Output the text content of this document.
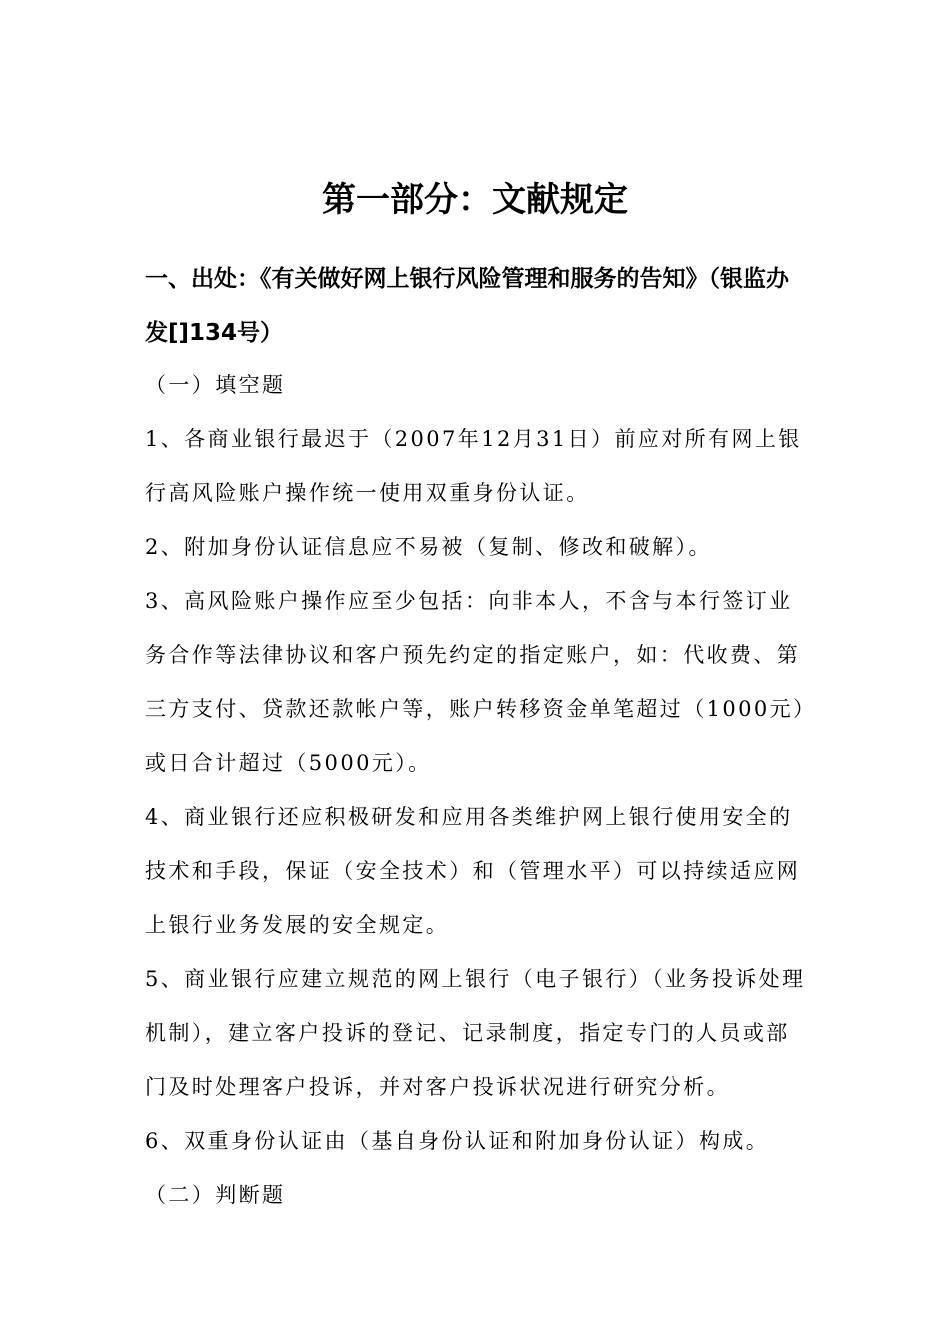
第一部分：文献规定
一、出处：《有关做好网上银行风险管理和服务的告知》（银监办发[]134号）

（一）填空题

1、各商业银行最迟于（2007年12月31日）前应对所有网上银行高风险账户操作统一使用双重身份认证。

2、附加身份认证信息应不易被（复制、修改和破解）。

3、高风险账户操作应至少包括：向非本人，不含与本行签订业务合作等法律协议和客户预先约定的指定账户，如：代收费、第三方支付、贷款还款帐户等，账户转移资金单笔超过（1000元）或日合计超过（5000元）。

4、商业银行还应积极研发和应用各类维护网上银行使用安全的技术和手段，保证（安全技术）和（管理水平）可以持续适应网上银行业务发展的安全规定。

5、商业银行应建立规范的网上银行（电子银行）（业务投诉处理机制），建立客户投诉的登记、记录制度，指定专门的人员或部门及时处理客户投诉，并对客户投诉状况进行研究分析。

6、双重身份认证由（基自身份认证和附加身份认证）构成。

（二）判断题
